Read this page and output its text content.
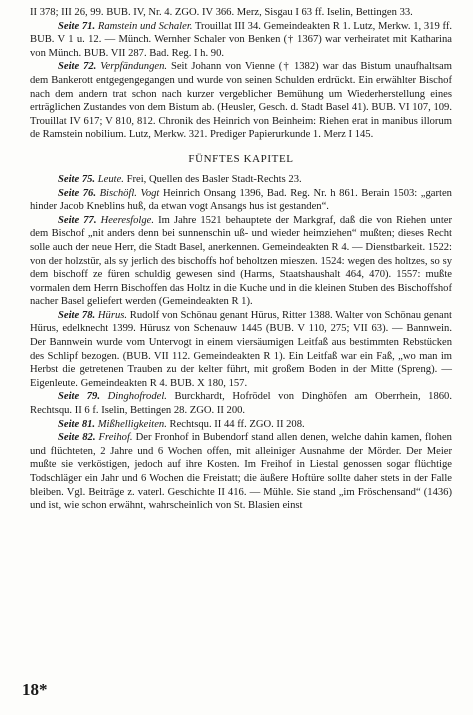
II 378; III 26, 99. BUB. IV, Nr. 4. ZGO. IV 366. Merz, Sisgau I 63 ff. Iselin, Bettingen 33.

Seite 71. Ramstein und Schaler. Trouillat III 34. Gemeindeakten R 1. Lutz, Merkw. 1, 319 ff. BUB. V 1 u. 12. — Münch. Wernher Schaler von Benken († 1367) war verheiratet mit Katharina von Münch. BUB. VII 287. Bad. Reg. I h. 90.

Seite 72. Verpfändungen. Seit Johann von Vienne († 1382) war das Bistum unaufhaltsam dem Bankerott entgegengegangen und wurde von seinen Schulden erdrückt. Ein erwählter Bischof nach dem andern trat schon nach kurzer vergeblicher Bemühung um Wiederherstellung eines erträglichen Zustandes von dem Bistum ab. (Heusler, Gesch. d. Stadt Basel 41). BUB. VI 107, 109. Trouillat IV 617; V 810, 812. Chronik des Heinrich von Beinheim: Riehen erat in manibus illorum de Ramstein nobilium. Lutz, Merkw. 321. Prediger Papierurkunde 1. Merz I 145.

FÜNFTES KAPITEL

Seite 75. Leute. Frei, Quellen des Basler Stadt-Rechts 23.

Seite 76. Bischöfl. Vogt Heinrich Onsang 1396, Bad. Reg. Nr. h 861. Berain 1503: „garten hinder Jacob Kneblins huß, da etwan vogt Ansangs hus ist gestanden“.

Seite 77. Heeresfolge. Im Jahre 1521 behauptete der Markgraf, daß die von Riehen unter dem Bischof „nit anders denn bei sunnenschin uß- und wieder heimziehen“ mußten; dieses Recht solle auch der neue Herr, die Stadt Basel, anerkennen. Gemeindeakten R 4. — Dienstbarkeit. 1522: von der holzstür, als sy jerlich des bischoffs hof beholtzen mieszen. 1524: wegen des holtzes, so sy dem bischoff ze füren schuldig gewesen sind (Harms, Staatshaushalt 464, 470). 1557: mußte vormalen dem Herrn Bischoffen das Holtz in die Kuche und in die kleinen Stuben des Bischoffshof nacher Basel geliefert werden (Gemeindeakten R 1).

Seite 78. Hürus. Rudolf von Schönau genant Hürus, Ritter 1388. Walter von Schönau genant Hürus, edelknecht 1399. Hürusz von Schenauw 1445 (BUB. V 110, 275; VII 63). — Bannwein. Der Bannwein wurde vom Untervogt in einem viersäumigen Leitfaß aus bestimmten Rebstücken des Schlipf bezogen. (BUB. VII 112. Gemeindeakten R 1). Ein Leitfaß war ein Faß, „wo man im Herbst die getretenen Trauben zu der kelter führt, mit großem Boden in der Mitte (Spreng). — Eigenleute. Gemeindeakten R 4. BUB. X 180, 157.

Seite 79. Dinghofrodel. Burckhardt, Hofrödel von Dinghöfen am Oberrhein, 1860. Rechtsqu. II 6 f. Iselin, Bettingen 28. ZGO. II 200.

Seite 81. Mißhelligkeiten. Rechtsqu. II 44 ff. ZGO. II 208.

Seite 82. Freihof. Der Fronhof in Bubendorf stand allen denen, welche dahin kamen, flohen und flüchteten, 2 Jahre und 6 Wochen offen, mit alleiniger Ausnahme der Mörder. Der Meier mußte sie verköstigen, jedoch auf ihre Kosten. Im Freihof in Liestal genossen sogar flüchtige Todschläger ein Jahr und 6 Wochen die Freistatt; die äußere Hoftüre sollte daher stets in der Falle bleiben. Vgl. Beiträge z. vaterl. Geschichte II 416. — Mühle. Sie stand „im Fröschensand“ (1436) und ist, wie schon erwähnt, wahrscheinlich von St. Blasien einst

18*
